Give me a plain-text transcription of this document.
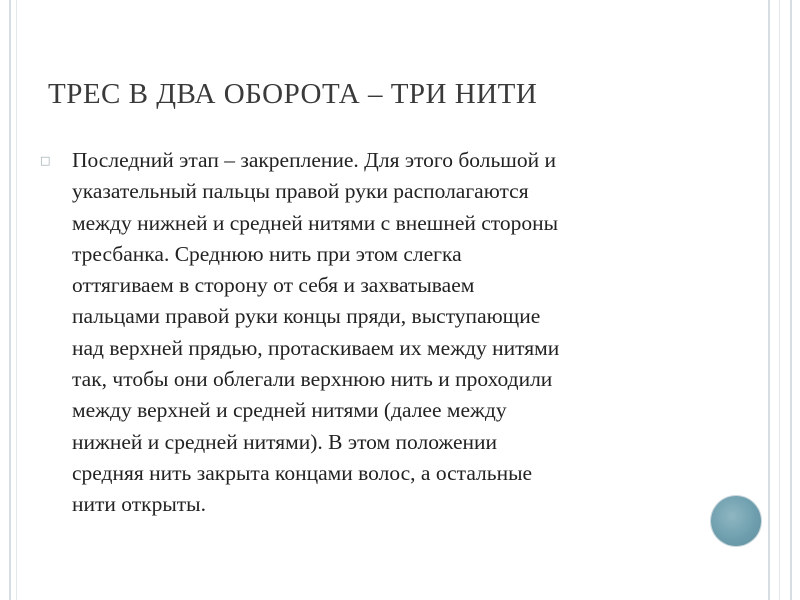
ТРЕС В ДВА ОБОРОТА – ТРИ НИТИ
□ Последний этап – закрепление. Для этого большой и
указательный пальцы правой руки располагаются
между нижней и средней нитями с внешней стороны
тресбанка. Среднюю нить при этом слегка
оттягиваем в сторону от себя и захватываем
пальцами правой руки концы пряди, выступающие
над верхней прядью, протаскиваем их между нитями
так, чтобы они облегали верхнюю нить и проходили
между верхней и средней нитями (далее между
нижней и средней нитями). В этом положении
средняя нить закрыта концами волос, а остальные
нити открыты.
